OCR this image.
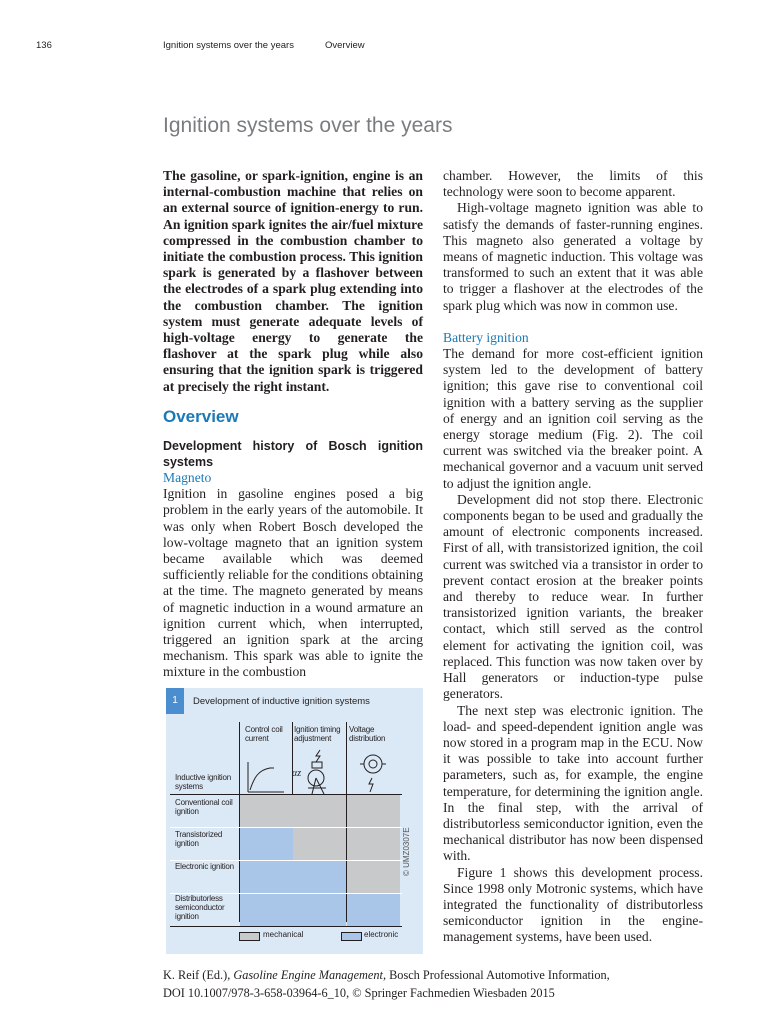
136	Ignition systems over the years	Overview
Ignition systems over the years

The gasoline, or spark-ignition, engine is an internal-combustion machine that relies on an external source of ignition-energy to run. An ignition spark ignites the air/fuel mixture compressed in the combustion chamber to initiate the combustion process. This ignition spark is generated by a flashover between the electrodes of a spark plug extending into the combustion chamber. The ignition system must generate adequate levels of high-voltage energy to generate the flashover at the spark plug while also ensuring that the ignition spark is triggered at precisely the right instant.

Overview
Development history of Bosch ignition systems
Magneto

Ignition in gasoline engines posed a big problem in the early years of the automobile. It was only when Robert Bosch developed the low-voltage magneto that an ignition system became available which was deemed sufficiently reliable for the conditions obtaining at the time. The magneto generated by means of magnetic induction in a wound armature an ignition current which, when interrupted, triggered an ignition spark at the arcing mechanism. This spark was able to ignite the mixture in the combustion

chamber. However, the limits of this technology were soon to become apparent.

High-voltage magneto ignition was able to satisfy the demands of faster-running engines. This magneto also generated a voltage by means of magnetic induction. This voltage was transformed to such an extent that it was able to trigger a flashover at the electrodes of the spark plug which was now in common use.

Battery ignition

The demand for more cost-efficient ignition system led to the development of battery ignition; this gave rise to conventional coil ignition with a battery serving as the supplier of energy and an ignition coil serving as the energy storage medium (Fig. 2). The coil current was switched via the breaker point. A mechanical governor and a vacuum unit served to adjust the ignition angle.

Development did not stop there. Electronic components began to be used and gradually the amount of electronic components increased. First of all, with transistorized ignition, the coil current was switched via a transistor in order to prevent contact erosion at the breaker points and thereby to reduce wear. In further transistorized ignition variants, the breaker contact, which still served as the control element for activating the ignition coil, was replaced. This function was now taken over by Hall generators or induction-type pulse generators.

The next step was electronic ignition. The load- and speed-dependent ignition angle was now stored in a program map in the ECU. Now it was possible to take into account further parameters, such as, for example, the engine temperature, for determining the ignition angle. In the final step, with the arrival of distributorless semiconductor ignition, even the mechanical distributor has now been dispensed with.

Figure 1 shows this development process. Since 1998 only Motronic systems, which have integrated the functionality of distributorless semiconductor ignition in the engine-management systems, have been used.

1	Development of inductive ignition systems
Control coil current
Ignition timing adjustment
Voltage distribution
αz
Inductive ignition systems
Conventional coil ignition
Transistorized ignition
Electronic ignition
Distributorless semiconductor ignition
© UMZ0307E
mechanical	electronic
K. Reif (Ed.), Gasoline Engine Management, Bosch Professional Automotive Information,
DOI 10.1007/978-3-658-03964-6_10, © Springer Fachmedien Wiesbaden 2015
